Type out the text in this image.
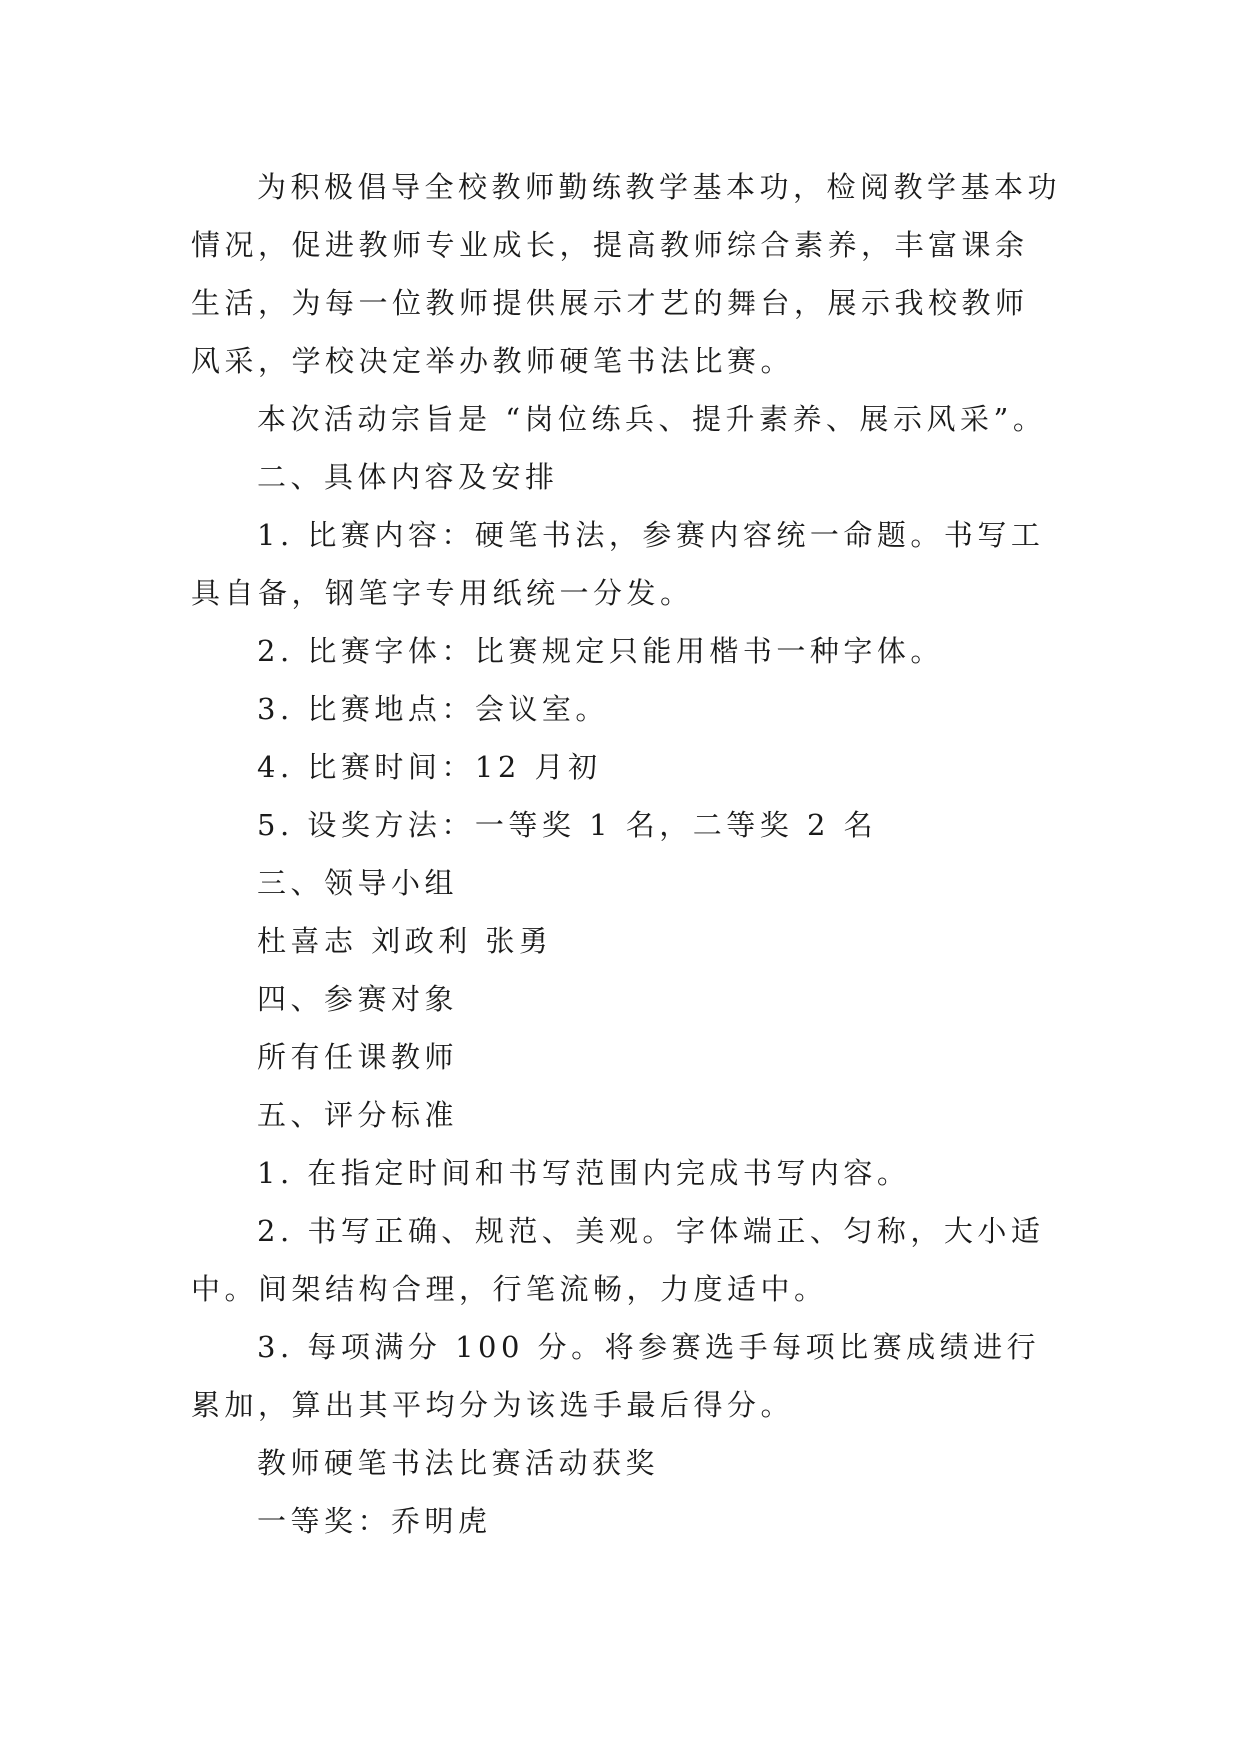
为积极倡导全校教师勤练教学基本功，检阅教学基本功情况，促进教师专业成长，提高教师综合素养，丰富课余生活，为每一位教师提供展示才艺的舞台，展示我校教师风采，学校决定举办教师硬笔书法比赛。

本次活动宗旨是 “岗位练兵、提升素养、展示风采”。

二、具体内容及安排

1. 比赛内容：硬笔书法，参赛内容统一命题。书写工具自备，钢笔字专用纸统一分发。

2. 比赛字体：比赛规定只能用楷书一种字体。

3. 比赛地点：会议室。

4. 比赛时间：12 月初

5. 设奖方法：一等奖 1 名，二等奖 2 名

三、领导小组

杜喜志 刘政利 张勇

四、参赛对象

所有任课教师

五、评分标准

1. 在指定时间和书写范围内完成书写内容。

2. 书写正确、规范、美观。字体端正、匀称，大小适中。间架结构合理，行笔流畅，力度适中。

3. 每项满分 100 分。将参赛选手每项比赛成绩进行累加，算出其平均分为该选手最后得分。

教师硬笔书法比赛活动获奖

一等奖：乔明虎
